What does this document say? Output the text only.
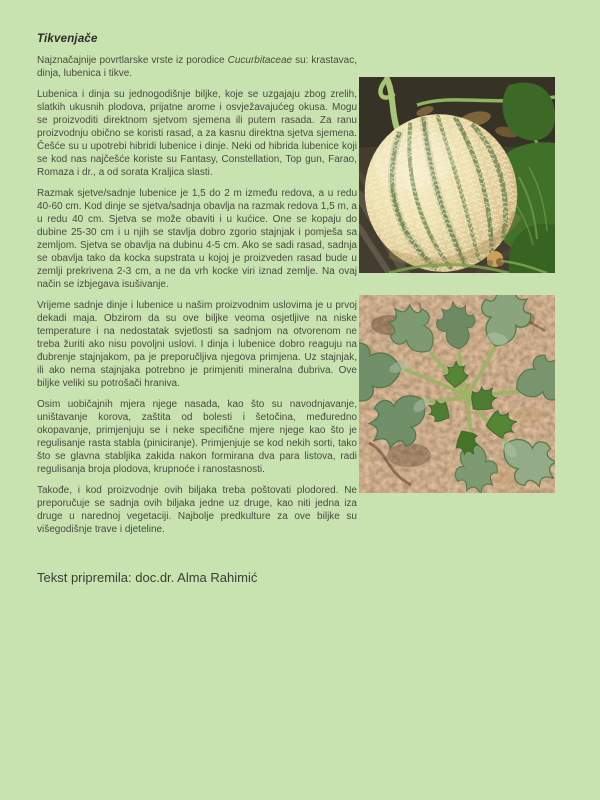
Tikvenjače

Najznačajnije povrtlarske vrste iz porodice Cucurbitaceae su: krastavac, dinja, lubenica i tikve.

Lubenica i dinja su jednogodišnje biljke, koje se uzgajaju zbog zrelih, slatkih ukusnih plodova, prijatne arome i osvježavajućeg okusa. Mogu se proizvoditi direktnom sjetvom sjemena ili putem rasada. Za ranu proizvodnju obično se koristi rasad, a za kasnu direktna sjetva sjemena. Češće su u upotrebi hibridi lubenice i dinje. Neki od hibrida lubenice koji se kod nas najčešće koriste su Fantasy, Constellation, Top gun, Farao, Romaza i dr., a od sorata Kraljica slasti.

Razmak sjetve/sadnje lubenice je 1,5 do 2 m između redova, a u redu 40-60 cm. Kod dinje se sjetva/sadnja obavlja na razmak redova 1,5 m, a u redu 40 cm. Sjetva se može obaviti i u kućice. One se kopaju do dubine 25-30 cm i u njih se stavlja dobro zgorio stajnjak i pomješa sa zemljom. Sjetva se obavlja na dubinu 4-5 cm. Ako se sadi rasad, sadnja se obavlja tako da kocka supstrata u kojoj je proizveden rasad bude u zemlji prekrivena 2-3 cm, a ne da vrh kocke viri iznad zemlje. Na ovaj način se izbjegava isušivanje.

Vrijeme sadnje dinje i lubenice u našim proizvodnim uslovima je u prvoj dekadi maja. Obzirom da su ove biljke veoma osjetljive na niske temperature i na nedostatak svjetlosti sa sadnjom na otvorenom ne treba žuriti ako nisu povoljni uslovi. I dinja i lubenice dobro reaguju na đubrenje stajnjakom, pa je preporučljiva njegova primjena. Uz stajnjak, ili ako nema stajnjaka potrebno je primjeniti mineralna đubriva. Ove biljke veliki su potrošači hraniva.

Osim uobičajnih mjera njege nasada, kao što su navodnjavanje, uništavanje korova, zaštita od bolesti i šetočina, međuredno okopavanje, primjenjuju se i neke specifične mjere njege kao što je regulisanje rasta stabla (piniciranje). Primjenjuje se kod nekih sorti, tako što se glavna stabljika zakida nakon formirana dva para listova, radi regulisanja broja plodova, krupnoće i ranostasnosti.

Takođe, i kod proizvodnje ovih biljaka treba poštovati plodored. Ne preporučuje se sadnja ovih biljaka jedne uz druge, kao niti jedna iza druge u narednoj vegetaciji. Najbolje predkulture za ove biljke su višegodišnje trave i djeteline.

Tekst pripremila: doc.dr. Alma Rahimić
